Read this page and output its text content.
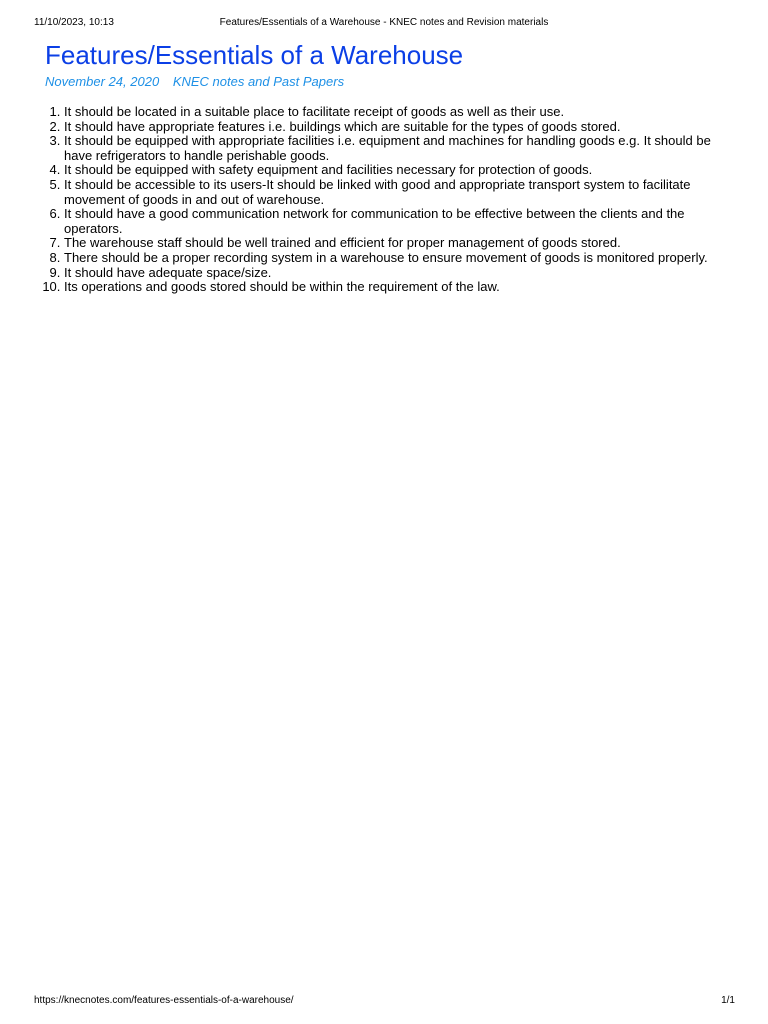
11/10/2023, 10:13	Features/Essentials of a Warehouse - KNEC notes and Revision materials
Features/Essentials of a Warehouse
November 24, 2020 KNEC notes and Past Papers
1. It should be located in a suitable place to facilitate receipt of goods as well as their use.
2. It should have appropriate features i.e. buildings which are suitable for the types of goods stored.
3. It should be equipped with appropriate facilities i.e. equipment and machines for handling goods e.g. It should be have refrigerators to handle perishable goods.
4. It should be equipped with safety equipment and facilities necessary for protection of goods.
5. It should be accessible to its users-It should be linked with good and appropriate transport system to facilitate movement of goods in and out of warehouse.
6. It should have a good communication network for communication to be effective between the clients and the operators.
7. The warehouse staff should be well trained and efficient for proper management of goods stored.
8. There should be a proper recording system in a warehouse to ensure movement of goods is monitored properly.
9. It should have adequate space/size.
10. Its operations and goods stored should be within the requirement of the law.
https://knecnotes.com/features-essentials-of-a-warehouse/	1/1
